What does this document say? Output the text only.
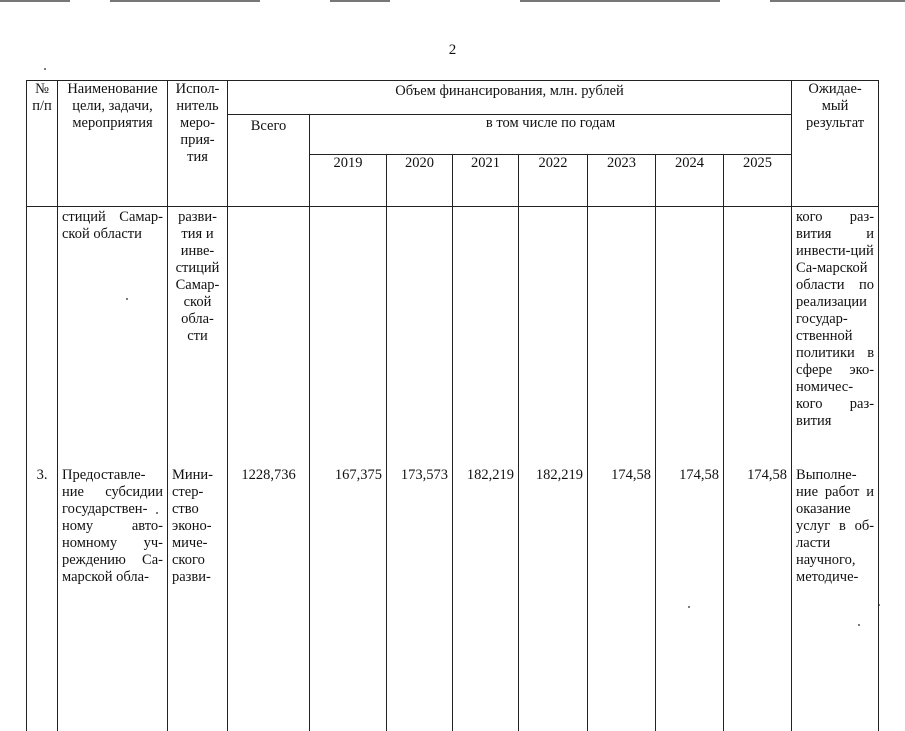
2
№ п/п	Наименование цели, задачи, мероприятия	Испол-​нитель меро-​прия-​тия	Объем финансирования, млн. рублей								Ожидае-​мый результат
			Всего	в том числе по годам							
				2019	2020	2021	2022	2023	2024	2025	
	стиций Самар-​ской области	разви-​тия и инве-​стиций Самар-​ской обла-​сти									кого раз-​вития и инвести-​ций Са-​марской области по реализации государ-​ственной политики в сфере эко-​номичес-​кого раз-​вития
3.	Предоставле-​ние субсидии государствен-​ному авто-​номному уч-​реждению Са-​марской обла-​	Мини-​стер-​ство эконо-​миче-​ского разви-​	1228,736	167,375	173,573	182,219	182,219	174,58	174,58	174,58	Выполне-​ние работ и оказание услуг в об-​ласти научного, методиче-​
